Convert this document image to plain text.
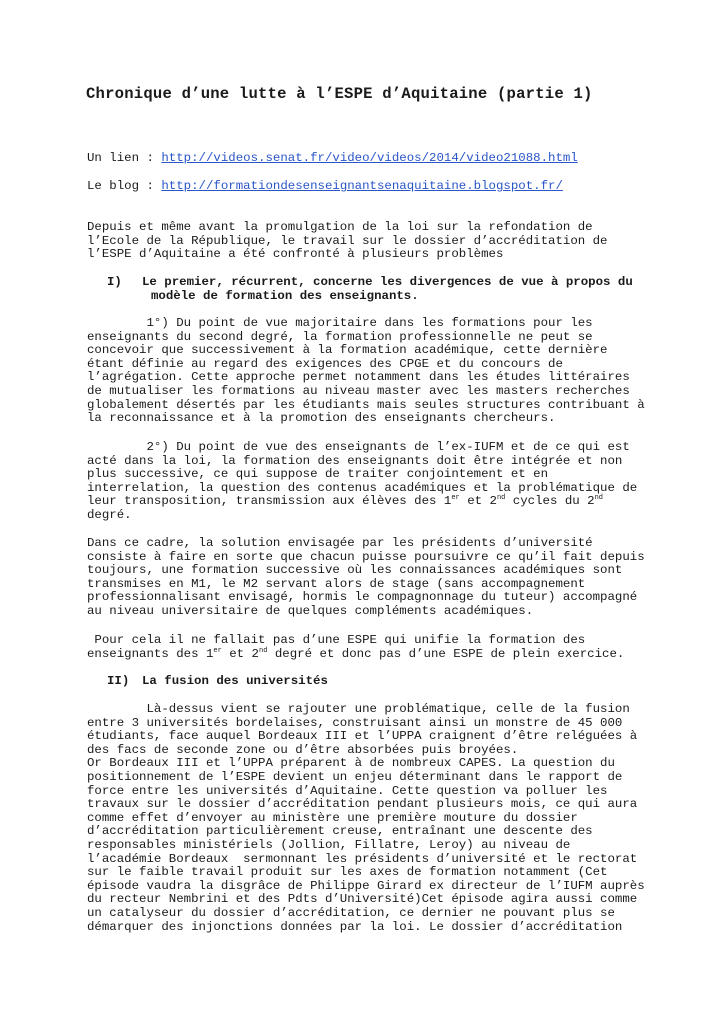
Chronique d’une lutte à l’ESPE d’Aquitaine (partie 1)

Un lien : http://videos.senat.fr/video/videos/2014/video21088.html

Le blog : http://formationdesenseignantsenaquitaine.blogspot.fr/

Depuis et même avant la promulgation de la loi sur la refondation de
l’Ecole de la République, le travail sur le dossier d’accréditation de
l’ESPE d’Aquitaine a été confronté à plusieurs problèmes
I) Le premier, récurrent, concerne les divergences de vue à propos du
modèle de formation des enseignants.
1°) Du point de vue majoritaire dans les formations pour les
enseignants du second degré, la formation professionnelle ne peut se
concevoir que successivement à la formation académique, cette dernière
étant définie au regard des exigences des CPGE et du concours de
l’agrégation. Cette approche permet notamment dans les études littéraires
de mutualiser les formations au niveau master avec les masters recherches
globalement désertés par les étudiants mais seules structures contribuant à
la reconnaissance et à la promotion des enseignants chercheurs.
2°) Du point de vue des enseignants de l’ex-IUFM et de ce qui est
acté dans la loi, la formation des enseignants doit être intégrée et non
plus successive, ce qui suppose de traiter conjointement et en
interrelation, la question des contenus académiques et la problématique de
leur transposition, transmission aux élèves des 1er et 2nd cycles du 2nd
degré.
Dans ce cadre, la solution envisagée par les présidents d’université
consiste à faire en sorte que chacun puisse poursuivre ce qu’il fait depuis
toujours, une formation successive où les connaissances académiques sont
transmises en M1, le M2 servant alors de stage (sans accompagnement
professionnalisant envisagé, hormis le compagnonnage du tuteur) accompagné
au niveau universitaire de quelques compléments académiques.
Pour cela il ne fallait pas d’une ESPE qui unifie la formation des
enseignants des 1er et 2nd degré et donc pas d’une ESPE de plein exercice.
II) La fusion des universités
Là-dessus vient se rajouter une problématique, celle de la fusion
entre 3 universités bordelaises, construisant ainsi un monstre de 45 000
étudiants, face auquel Bordeaux III et l’UPPA craignent d’être reléguées à
des facs de seconde zone ou d’être absorbées puis broyées.
Or Bordeaux III et l’UPPA préparent à de nombreux CAPES. La question du
positionnement de l’ESPE devient un enjeu déterminant dans le rapport de
force entre les universités d’Aquitaine. Cette question va polluer les
travaux sur le dossier d’accréditation pendant plusieurs mois, ce qui aura
comme effet d’envoyer au ministère une première mouture du dossier
d’accréditation particulièrement creuse, entraînant une descente des
responsables ministériels (Jollion, Fillatre, Leroy) au niveau de
l’académie Bordeaux  sermonnant les présidents d’université et le rectorat
sur le faible travail produit sur les axes de formation notamment (Cet
épisode vaudra la disgrâce de Philippe Girard ex directeur de l’IUFM auprès
du recteur Nembrini et des Pdts d’Université)Cet épisode agira aussi comme
un catalyseur du dossier d’accréditation, ce dernier ne pouvant plus se
démarquer des injonctions données par la loi. Le dossier d’accréditation
